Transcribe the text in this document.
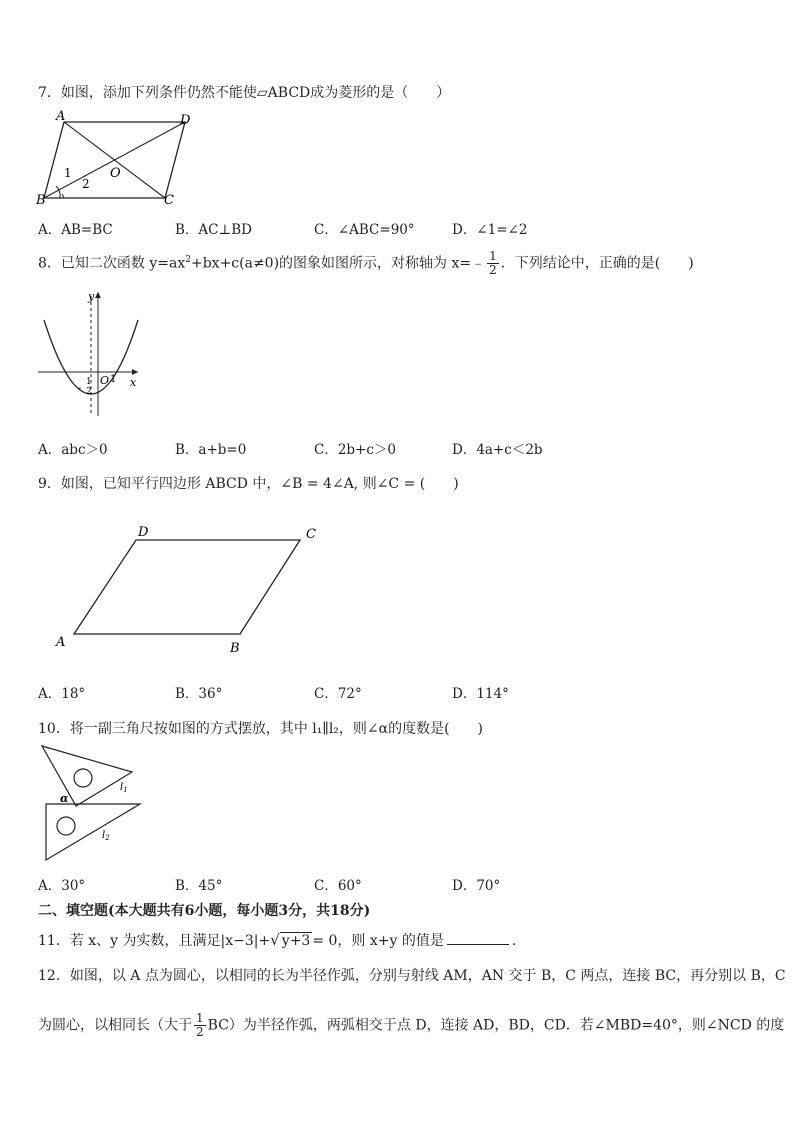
7．如图，添加下列条件仍然不能使▱ABCD成为菱形的是（　　）
A	D
B	C
O
1
2
A．AB=BC	B．AC⊥BD	C．∠ABC=90°	D．∠1=∠2
8．已知二次函数 $y=ax^2+bx+c(a\ne 0)$的图象如图所示，对称轴为 x=﹣ $\frac{1}{2}$ ．下列结论中，正确的是(　　)
y
x
O 1
-
1
2
A．abc＞0	B．a+b=0	C．2b+c＞0	D．4a+c＜2b
9．如图，已知平行四边形 ABCD 中，∠B = 4∠A, 则∠C = (　　)
D	C
A	B
A．18°	B．36°	C．72°	D．114°
10．将一副三角尺按如图的方式摆放，其中 l₁∥l₂，则∠α的度数是(　　)
α
$l_1$
$l_2$
A．30°	B．45°	C．60°	D．70°
二、填空题(本大题共有6小题，每小题3分，共18分)
11．若 x、y 为实数，且满足|x−3|+√ y+3 = 0，则 x+y 的值是	.
12．如图，以 A 点为圆心，以相同的长为半径作弧，分别与射线 AM，AN 交于 B，C 两点，连接 BC，再分别以 B，C
为圆心，以相同长（大于 $\frac{1}{2} BC$）为半径作弧，两弧相交于点 D，连接 AD，BD，CD．若∠MBD=40°，则∠NCD 的度
